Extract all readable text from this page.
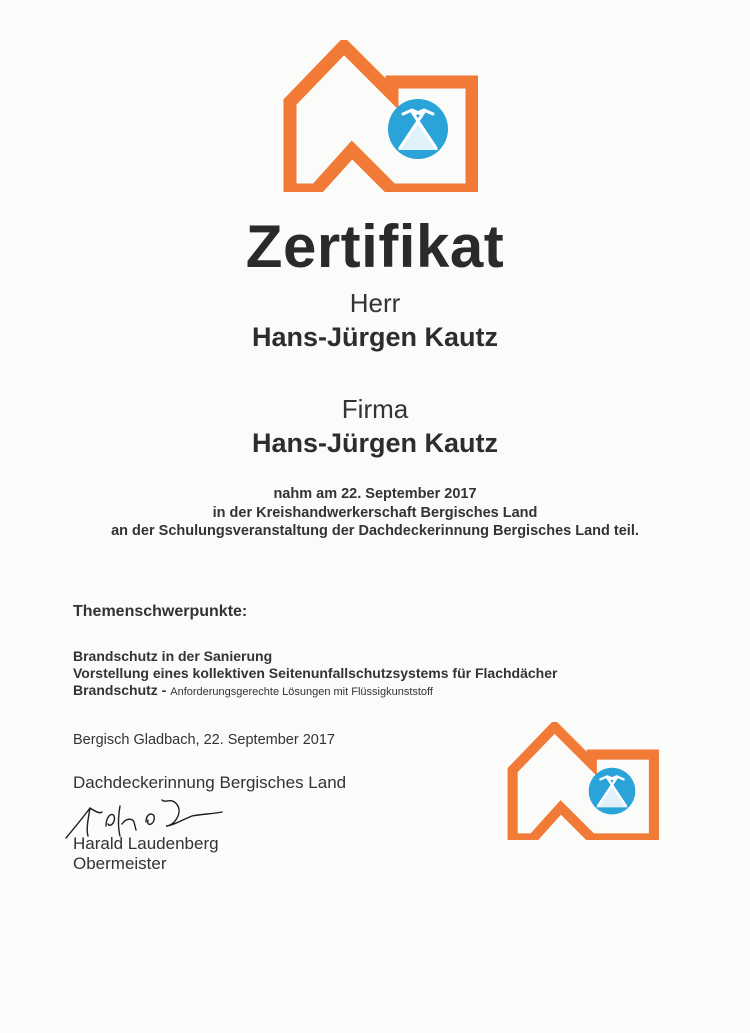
Zertifikat
Herr
Hans-Jürgen Kautz
Firma
Hans-Jürgen Kautz
nahm am 22. September 2017
in der Kreishandwerkerschaft Bergisches Land
an der Schulungsveranstaltung der Dachdeckerinnung Bergisches Land teil.
Themenschwerpunkte:
Brandschutz in der Sanierung
Vorstellung eines kollektiven Seitenunfallschutzsystems für Flachdächer
Brandschutz - Anforderungsgerechte Lösungen mit Flüssigkunststoff
Bergisch Gladbach, 22. September 2017
Dachdeckerinnung Bergisches Land
Harald Laudenberg
Obermeister
